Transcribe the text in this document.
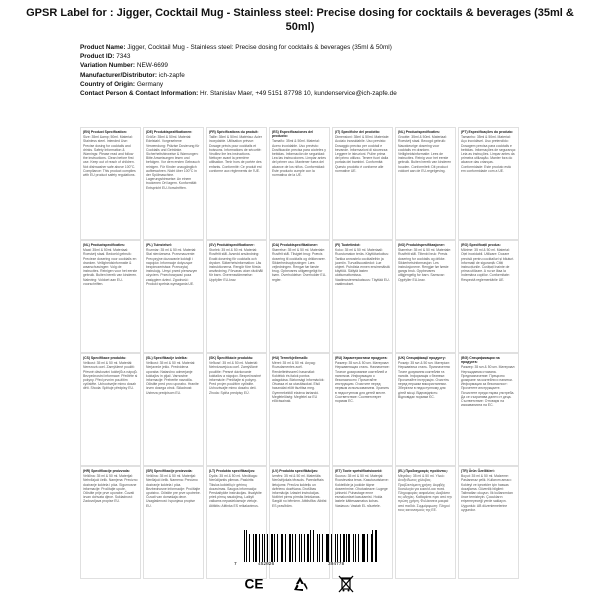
GPSR Label for : Jigger, Cocktail Mug - Stainless steel: Precise dosing for cocktails & beverages (35ml & 50ml)
Product Name: Jigger, Cocktail Mug - Stainless steel: Precise dosing for cocktails & beverages (35ml & 50ml)
Product ID: 7343
Variation Number: NEW-6699
Manufacturer/Distributor: ich-zapfe
Country of Origin: Germany
Contact Person & Contact Information: Hr. Stanislav Maer, +49 5151 87798 10, kundenservice@ich-zapfe.de
(EN) Product Specification:
Size: 35ml &amp; 50ml. Material: Stainless steel. Intended Use: Precise dosing for cocktails and drinks. Safety Information & Warnings: Please read and follow the instructions. Clean before first use. Keep out of reach of children. Not dishwasher safe above 100°C. Compliance: This product complies with EU product safety regulations.
(DE) Produktspezifikationen:
Größe: 35ml & 50ml. Material: Edelstahl. Vorgesehene Verwendung: Präzise Dosierung für Cocktails und Getränke. Sicherheitshinweise & Warnungen: Bitte Anweisungen lesen und befolgen. Vor dem ersten Gebrauch reinigen. Für Kinder unzugänglich aufbewahren. Nicht über 100°C in der Spülmaschine. Lagerungshinweise: An einem trockenen Ort lagern. Konformität: Entspricht EU-Vorschriften.
(FR) Spécifications du produit:
Taille: 35ml & 50ml. Matériau: Acier inoxydable. Utilisation prévue: Dosage précis pour cocktails et boissons. Informations de sécurité: Veuillez lire les instructions. Nettoyer avant la première utilisation. Tenir hors de portée des enfants. Conformité: Ce produit est conforme aux règlements de l'UE.
(ES) Especificaciones del producto:
Tamaño: 35ml & 50ml. Material: Acero inoxidable. Uso previsto: Dosificación precisa para cócteles y bebidas. Información de seguridad: Lea las instrucciones. Limpiar antes del primer uso. Mantener fuera del alcance de los niños. Conformidad: Este producto cumple con la normativa de la UE.
(IT) Specifiche del prodotto:
Dimensioni: 35ml & 50ml. Materiale: Acciaio inossidabile. Uso previsto: Dosaggio preciso per cocktail e bevande. Informazioni di sicurezza: Leggere le istruzioni. Pulire prima del primo utilizzo. Tenere fuori dalla portata dei bambini. Conformità: Questo prodotto è conforme alle normative UE.
(NL) Productspecificaties:
Grootte: 35ml & 50ml. Materiaal: Roestvrij staal. Beoogd gebruik: Nauwkeurige dosering voor cocktails en dranken. Veiligheidsinformatie: Lees de instructies. Reinig voor het eerste gebruik. Buiten bereik van kinderen houden. Conformiteit: Dit product voldoet aan de EU-regelgeving.
(PT) Especificações do produto:
Tamanho: 35ml & 50ml. Material: Aço inoxidável. Uso pretendido: Dosagem precisa para cocktails e bebidas. Informações de segurança: Leia as instruções. Limpar antes da primeira utilização. Manter fora do alcance das crianças. Conformidade: Este produto está em conformidade com a UE.
(NL) Productspecificaties:
Maat: 35ml & 50ml. Materiaal: Roestvrij staal. Bedoeld gebruik: Precieze dosering voor cocktails en dranken. Veiligheidsinformatie & waarschuwingen: Volg de instructies. Reinigen voor het eerste gebruik. Buiten bereik van kinderen. Naleving: Voldoet aan EU-voorschriften.
(PL) Tuinstelsel:
Rozmiar: 35 ml & 50 ml. Materiał: Stal nierdzewna. Przeznaczenie: Precyzyjne dozowanie koktajli i napojów. Informacje dotyczące bezpieczeństwa: Przeczytaj instrukcję. Umyć przed pierwszym użyciem. Przechowywać poza zasięgiem dzieci. Zgodność: Produkt spełnia wymagania UE.
(SV) Produktspecifikationer:
Storlek: 35 ml & 50 ml. Material: Rostfritt stål. Avsedd användning: Exakt dosering för cocktails och drycker. Säkerhetsinformation: Läs instruktionerna. Rengör före första användning. Förvaras utom räckhåll för barn. Överensstämmelse: Uppfyller EU-krav.
(DA) Produktspecifikationer:
Størrelse: 35 ml & 50 ml. Materiale: Rustfrit stål. Tilsigtet brug: Præcis dosering til cocktails og drikkevarer. Sikkerhedsoplysninger: Læs vejledningen. Rengør før første brug. Opbevares utilgængeligt for børn. Overholdelse: Overholder EU-regler.
(FI) Tuotetiedot:
Koko: 35 ml & 50 ml. Materiaali: Ruostumaton teräs. Käyttötarkoitus: Tarkka annostelu cocktaileihin ja juomiin. Turvallisuustiedot: Lue ohjeet. Puhdista ennen ensimmäistä käyttöä. Säilytä lasten ulottumattomissa. Vaatimustenmukaisuus: Täyttää EU-vaatimukset.
(NO) Produktspesifikasjoner:
Størrelse: 35 ml & 50 ml. Materiale: Rustfritt stål. Tiltenkt bruk: Presis dosering for cocktails og drikke. Sikkerhetsinformasjon: Les instruksjonene. Rengjør før første gangs bruk. Oppbevares utilgjengelig for barn. Samsvar: Oppfyller EU-krav.
(RO) Specificații produs:
Mărime: 35 ml & 50 ml. Material: Oțel inoxidabil. Utilizare: Dozare precisă pentru cocktailuri și băuturi. Informații de siguranță: Citiți instrucțiunile. Curățați înainte de prima utilizare. A nu se lăsa la îndemâna copiilor. Conformitate: Respectă reglementările UE.
(CS) Specifikace produktu:
Velikost: 35 ml & 50 ml. Materiál: Nerezová ocel. Zamýšlené použití: Přesné dávkování koktejlů a nápojů. Bezpečnostní informace: Přečtěte si pokyny. Před prvním použitím vyčistěte. Uchovávejte mimo dosah dětí. Shoda: Splňuje předpisy EU.
(SL) Specifikacije izdelka:
Velikost: 35 ml & 50 ml. Material: Nerjaveče jeklo. Predvidena uporaba: Natančno odmerjanje koktajlov in pijač. Varnostne informacije: Preberite navodila. Očistite pred prvo uporabo. Hranite izven dosega otrok. Skladnost: Ustreza predpisom EU.
(SK) Špecifikácie produktu:
Veľkosť: 35 ml & 50 ml. Materiál: Nehrdzavejúca oceľ. Zamýšľané použitie: Presné dávkovanie koktailov a nápojov. Bezpečnostné informácie: Prečítajte si pokyny. Pred prvým použitím vyčistite. Uchovávajte mimo dosahu detí. Zhoda: Spĺňa predpisy EÚ.
(HU) Termékjellemzők:
Méret: 35 ml & 50 ml. Anyag: Rozsdamentes acél. Rendeltetésszerű használat: Koktélok és italok pontos adagolása. Biztonsági információk: Olvassa el az utasításokat. Első használat előtt tisztítsa meg. Gyermekektől elzárva tartandó. Megfelelőség: Megfelel az EU előírásainak.
(RU) Характеристики продукта:
Размер: 35 мл & 50 мл. Материал: Нержавеющая сталь. Назначение: Точное дозирование коктейлей и напитков. Информация о безопасности: Прочитайте инструкцию. Очистите перед первым использованием. Хранить в недоступном для детей месте. Соответствие: Соответствует нормам ЕС.
(UK) Специфікації продукту:
Розмір: 35 мл & 50 мл. Матеріал: Нержавіюча сталь. Призначення: Точне дозування коктейлів та напоїв. Інформація з безпеки: Прочитайте інструкцію. Очистіть перед першим використанням. Зберігати в недоступному для дітей місці. Відповідність: Відповідає нормам ЄС.
(BG) Спецификации на продукта:
Размер: 35 мл & 50 мл. Материал: Неръждаема стомана. Предназначение: Прецизно дозиране на коктейли и напитки. Информация за безопасност: Прочетете инструкциите. Почистете преди първа употреба. Да се съхранява далеч от деца. Съответствие: Отговаря на изискванията на ЕС.
(HR) Specifikacije proizvoda:
Veličina: 35 ml & 50 ml. Materijal: Nehrđajući čelik. Namjena: Precizno doziranje koktela i pića. Sigurnosne informacije: Pročitajte upute. Očistite prije prve uporabe. Čuvati izvan dohvata djece. Sukladnost: Zadovoljava propise EU.
(SR) Specifikacije proizvoda:
Veličina: 35 ml & 50 ml. Materijal: Nerđajući čelik. Namena: Precizno doziranje koktela i pića. Bezbednosne informacije: Pročitajte uputstvo. Očistite pre prve upotrebe. Čuvati van domašaja dece. Usaglašenost: Ispunjava propise EU.
(LT) Produkto specifikacijos:
Dydis: 35 ml & 50 ml. Medžiaga: Nerūdijantis plienas. Paskirtis: Tikslus kokteilių ir gėrimų dozavimas. Saugos informacija: Perskaitykite instrukcijas. Išvalykite prieš pirmą naudojimą. Laikyti vaikams nepasiekiamoje vietoje. Atitiktis: Atitinka ES reikalavimus.
(LV) Produkta specifikācijas:
Izmērs: 35 ml & 50 ml. Materiāls: Nerūsējošais tērauds. Paredzētais lietojums: Precīza kokteiļu un dzērienu dozēšana. Drošības informācija: Izlasiet instrukcijas. Notīriet pirms pirmās lietošanas. Sargāt no bērniem. Atbilstība: Atbilst ES prasībām.
(ET) Toote spetsifikatsioonid:
Suurus: 35 ml & 50 ml. Materjal: Roostevaba teras. Kasutusotstarve: Kokteilide ja jookide täpne doseerimine. Ohutusteave: Lugege juhiseid. Puhastage enne esmakordset kasutamist. Hoida lastele kättesaamatus kohas. Vastavus: Vastab EL nõuetele.
(EL) Προδιαγραφές προϊόντος:
Μέγεθος: 35 ml & 50 ml. Υλικό: Ανοξείδωτος χάλυβας. Προβλεπόμενη χρήση: Ακριβής δοσολογία για κοκτέιλ και ποτά. Πληροφορίες ασφαλείας: Διαβάστε τις οδηγίες. Καθαρίστε πριν από την πρώτη χρήση. Φυλάσσετε μακριά από παιδιά. Συμμόρφωση: Πληροί τους κανονισμούς της ΕΕ.
(TR) Ürün Özellikleri:
Boyut: 35 ml & 50 ml. Malzeme: Paslanmaz çelik. Kullanım amacı: Kokteyl ve içecekler için hassas dozajlama. Güvenlik bilgileri: Talimatları okuyun. İlk kullanımdan önce temizleyin. Çocukların erişemeyeceği yerde saklayın. Uygunluk: AB düzenlemelerine uygundur.
7	452026	394778
CE
